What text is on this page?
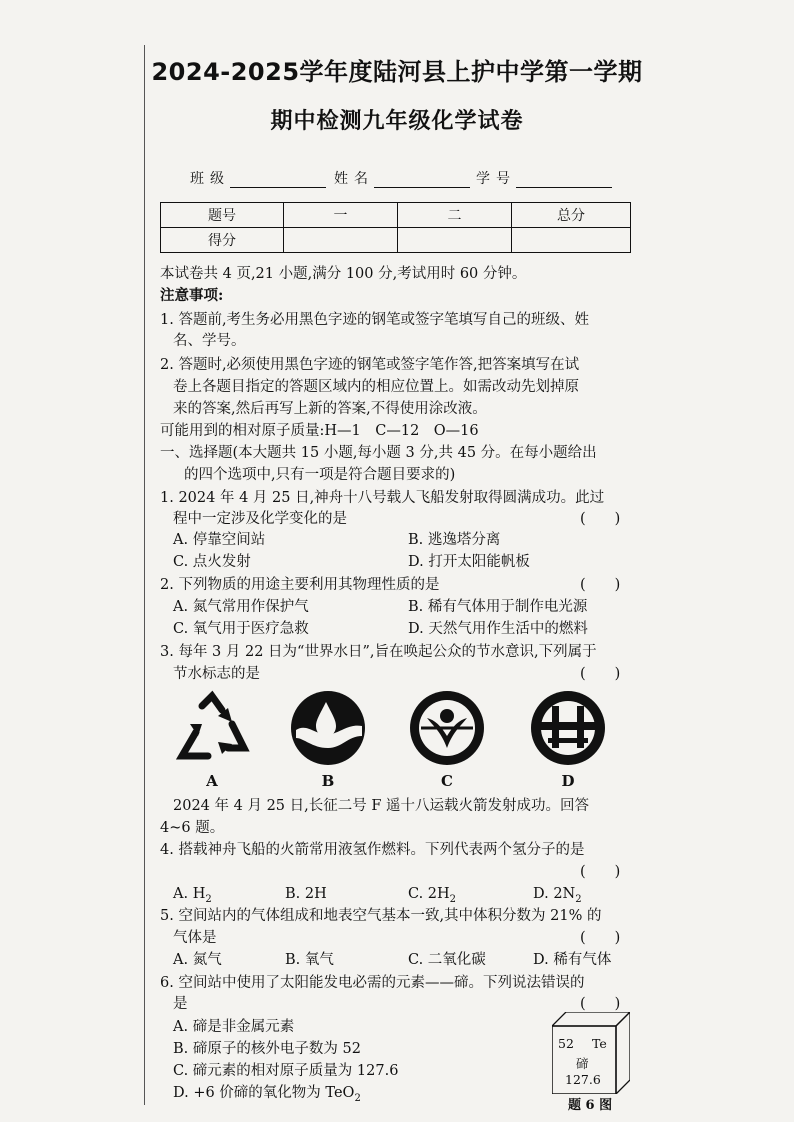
2024-2025学年度陆河县上护中学第一学期
期中检测九年级化学试卷
班级	姓名	学号
题号	一	二	总分
得分			
本试卷共 4 页,21 小题,满分 100 分,考试用时 60 分钟。
注意事项:
1. 答题前,考生务必用黑色字迹的钢笔或签字笔填写自己的班级、姓
名、学号。
2. 答题时,必须使用黑色字迹的钢笔或签字笔作答,把答案填写在试
卷上各题目指定的答题区域内的相应位置上。如需改动先划掉原
来的答案,然后再写上新的答案,不得使用涂改液。
可能用到的相对原子质量:H—1　C—12　O—16
一、选择题(本大题共 15 小题,每小题 3 分,共 45 分。在每小题给出
的四个选项中,只有一项是符合题目要求的)
1. 2024 年 4 月 25 日,神舟十八号载人飞船发射取得圆满成功。此过
程中一定涉及化学变化的是	(　　)
A. 停靠空间站	B. 逃逸塔分离
C. 点火发射	D. 打开太阳能帆板
2. 下列物质的用途主要利用其物理性质的是	(　　)
A. 氮气常用作保护气	B. 稀有气体用于制作电光源
C. 氧气用于医疗急救	D. 天然气用作生活中的燃料
3. 每年 3 月 22 日为“世界水日”,旨在唤起公众的节水意识,下列属于
节水标志的是	(　　)
A	B	C	D
2024 年 4 月 25 日,长征二号 F 遥十八运载火箭发射成功。回答
4~6 题。
4. 搭载神舟飞船的火箭常用液氢作燃料。下列代表两个氢分子的是
(　　)
A. $H_2$	B. 2H	C. $2H_2$	D. $2N_2$
5. 空间站内的气体组成和地表空气基本一致,其中体积分数为 21% 的
气体是	(　　)
A. 氮气	B. 氧气	C. 二氧化碳	D. 稀有气体
6. 空间站中使用了太阳能发电必需的元素——碲。下列说法错误的
是	(　　)
A. 碲是非金属元素
B. 碲原子的核外电子数为 52
C. 碲元素的相对原子质量为 127.6
D. +6 价碲的氧化物为 TeO$_2$
52 Te
碲
127.6
题 6 图
